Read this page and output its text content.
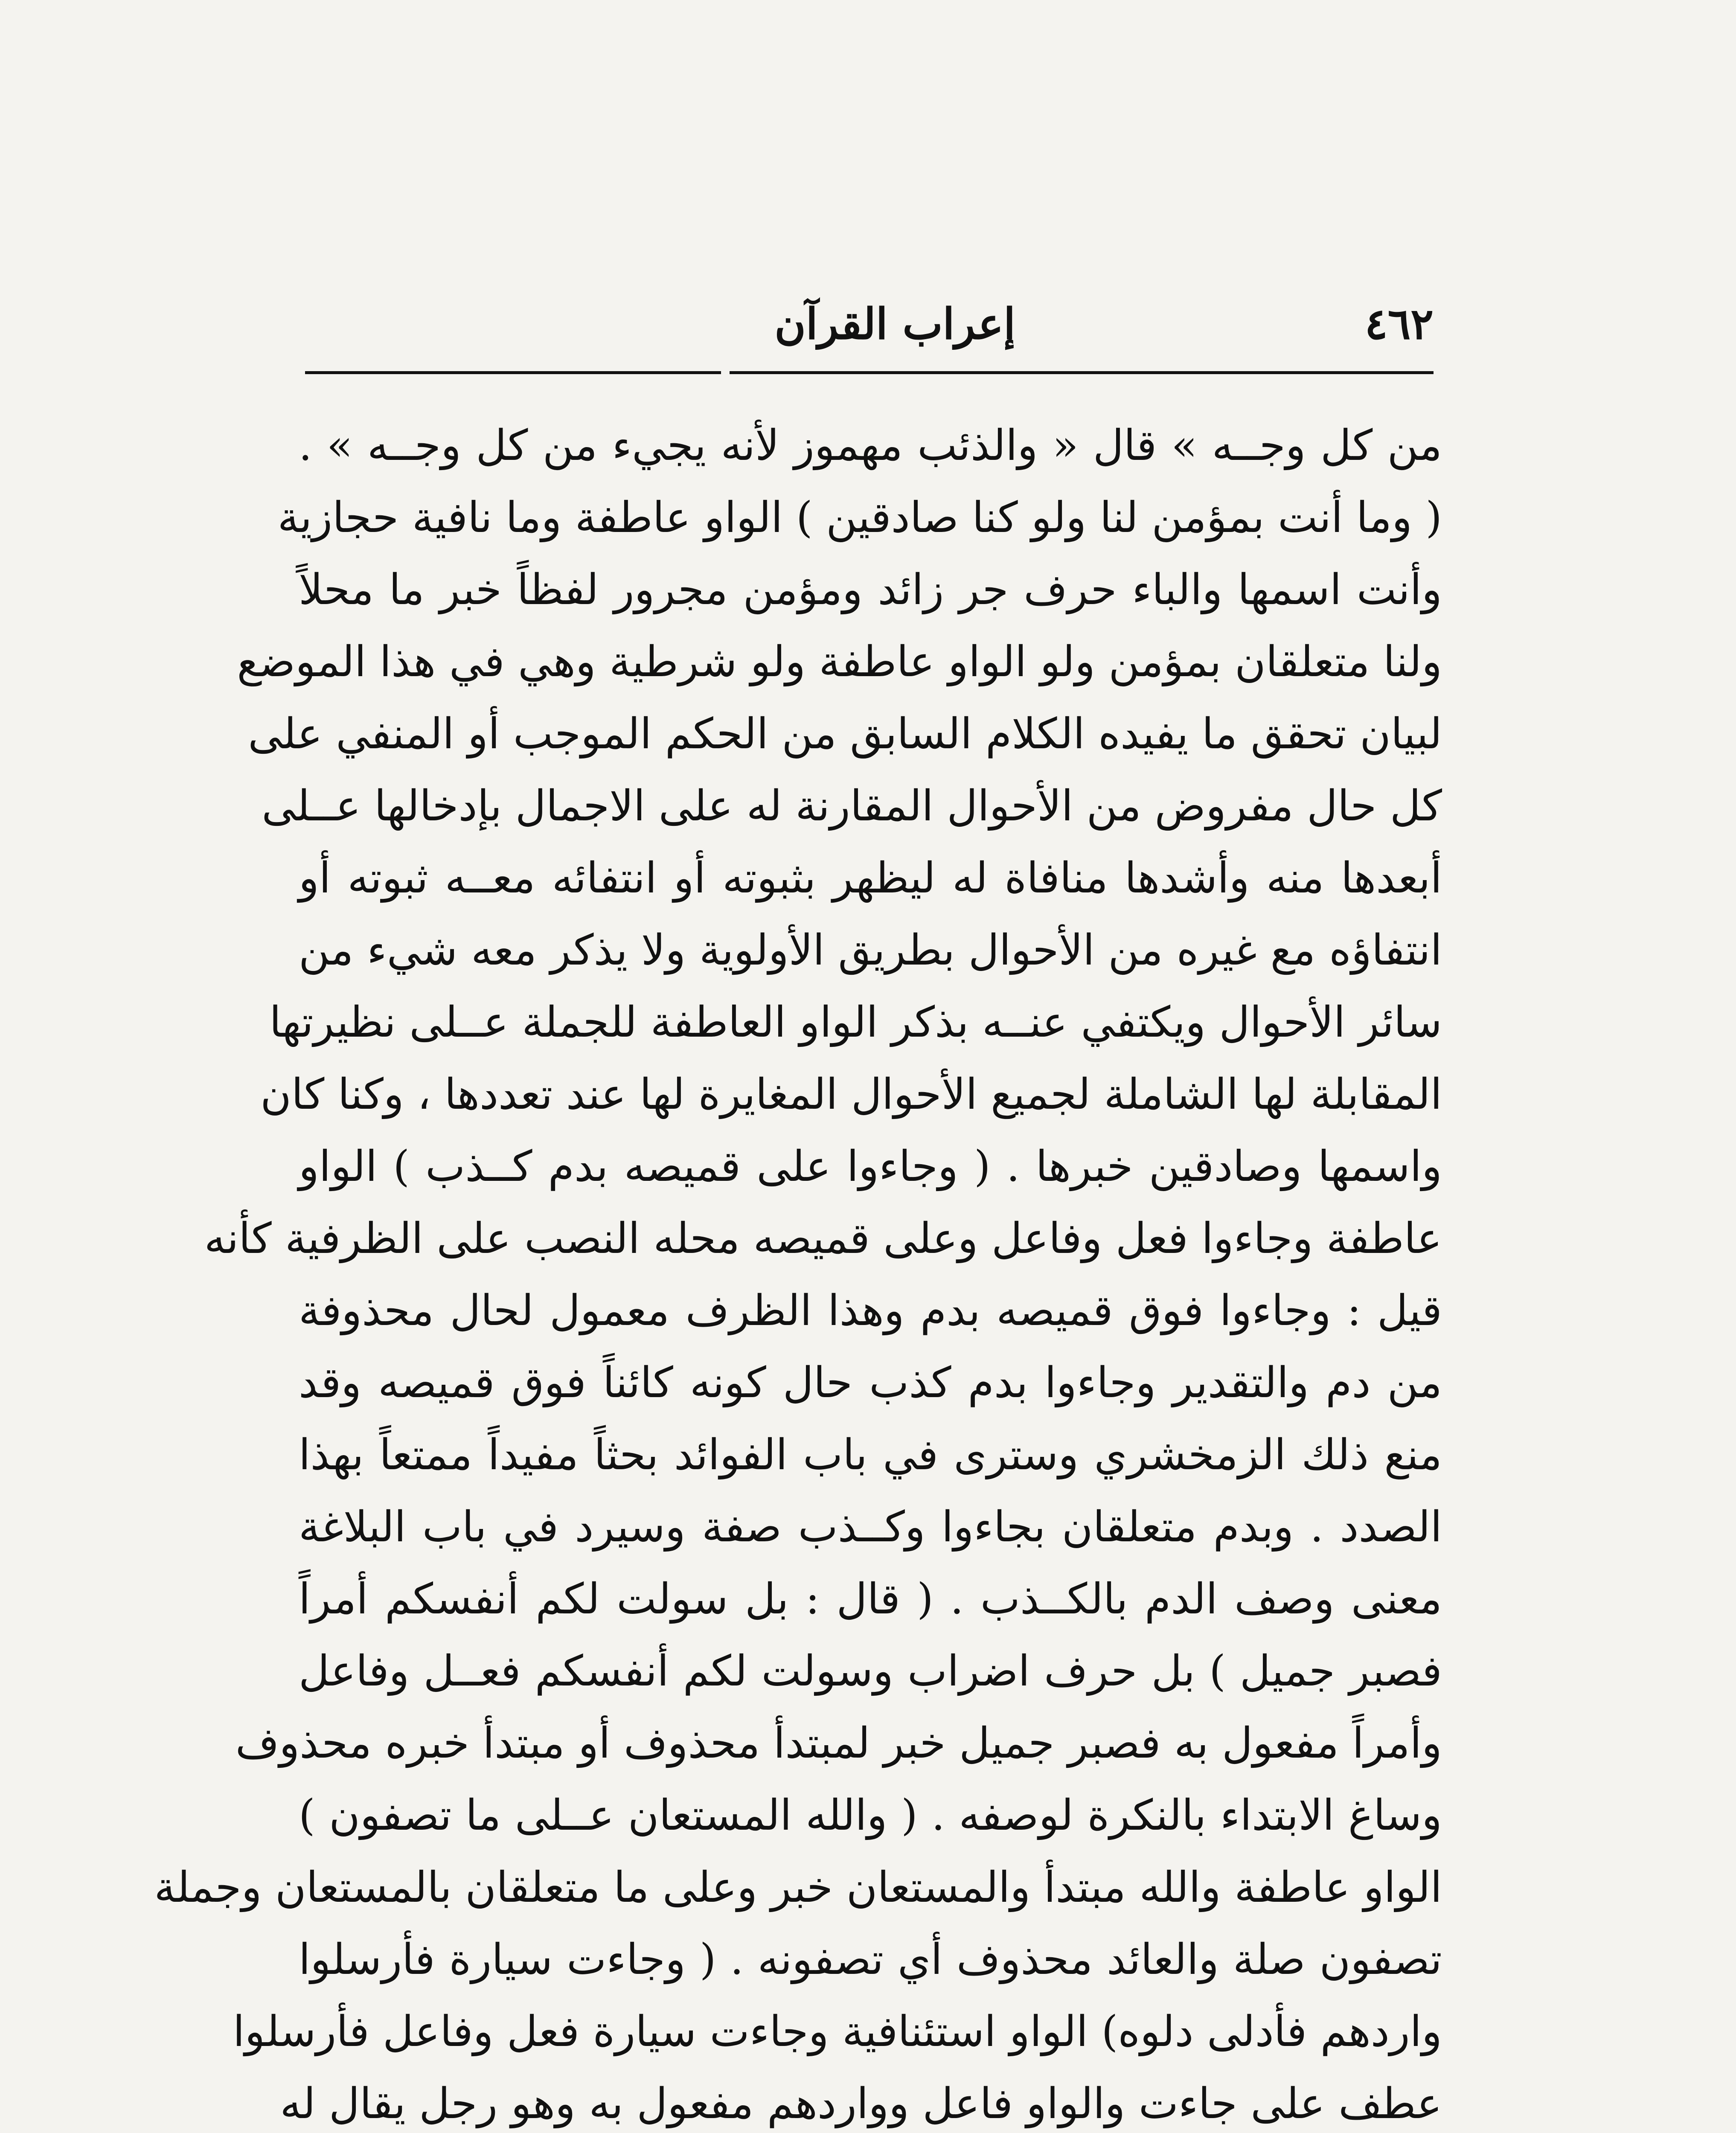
٤٦٢
إعراب القرآن
من كل وجــه » قال « والذئب مهموز لأنه يجيء من كل وجــه » .
( وما أنت بمؤمن لنا ولو كنا صادقين ) الواو عاطفة وما نافية حجازية
وأنت اسمها والباء حرف جر زائد ومؤمن مجرور لفظاً خبر ما محلاً
ولنا متعلقان بمؤمن ولو الواو عاطفة ولو شرطية وهي في هذا الموضع
لبيان تحقق ما يفيده الكلام السابق من الحكم الموجب أو المنفي على
كل حال مفروض من الأحوال المقارنة له على الاجمال بإدخالها عــلى
أبعدها منه وأشدها منافاة له ليظهر بثبوته أو انتفائه معــه ثبوته أو
انتفاؤه مع غيره من الأحوال بطريق الأولوية ولا يذكر معه شيء من
سائر الأحوال ويكتفي عنــه بذكر الواو العاطفة للجملة عــلى نظيرتها
المقابلة لها الشاملة لجميع الأحوال المغايرة لها عند تعددها ، وكنا كان
واسمها وصادقين خبرها . ( وجاءوا على قميصه بدم كــذب ) الواو
عاطفة وجاءوا فعل وفاعل وعلى قميصه محله النصب على الظرفية كأنه
قيل : وجاءوا فوق قميصه بدم وهذا الظرف معمول لحال محذوفة
من دم والتقدير وجاءوا بدم كذب حال كونه كائناً فوق قميصه وقد
منع ذلك الزمخشري وسترى في باب الفوائد بحثاً مفيداً ممتعاً بهذا
الصدد . وبدم متعلقان بجاءوا وكــذب صفة وسيرد في باب البلاغة
معنى وصف الدم بالكــذب . ( قال : بل سولت لكم أنفسكم أمراً
فصبر جميل ) بل حرف اضراب وسولت لكم أنفسكم فعــل وفاعل
وأمراً مفعول به فصبر جميل خبر لمبتدأ محذوف أو مبتدأ خبره محذوف
وساغ الابتداء بالنكرة لوصفه . ( والله المستعان عــلى ما تصفون )
الواو عاطفة والله مبتدأ والمستعان خبر وعلى ما متعلقان بالمستعان وجملة
تصفون صلة والعائد محذوف أي تصفونه . ( وجاءت سيارة فأرسلوا
واردهم فأدلى دلوه) الواو استئنافية وجاءت سيارة فعل وفاعل فأرسلوا
عطف على جاءت والواو فاعل وواردهم مفعول به وهو رجل يقال له
